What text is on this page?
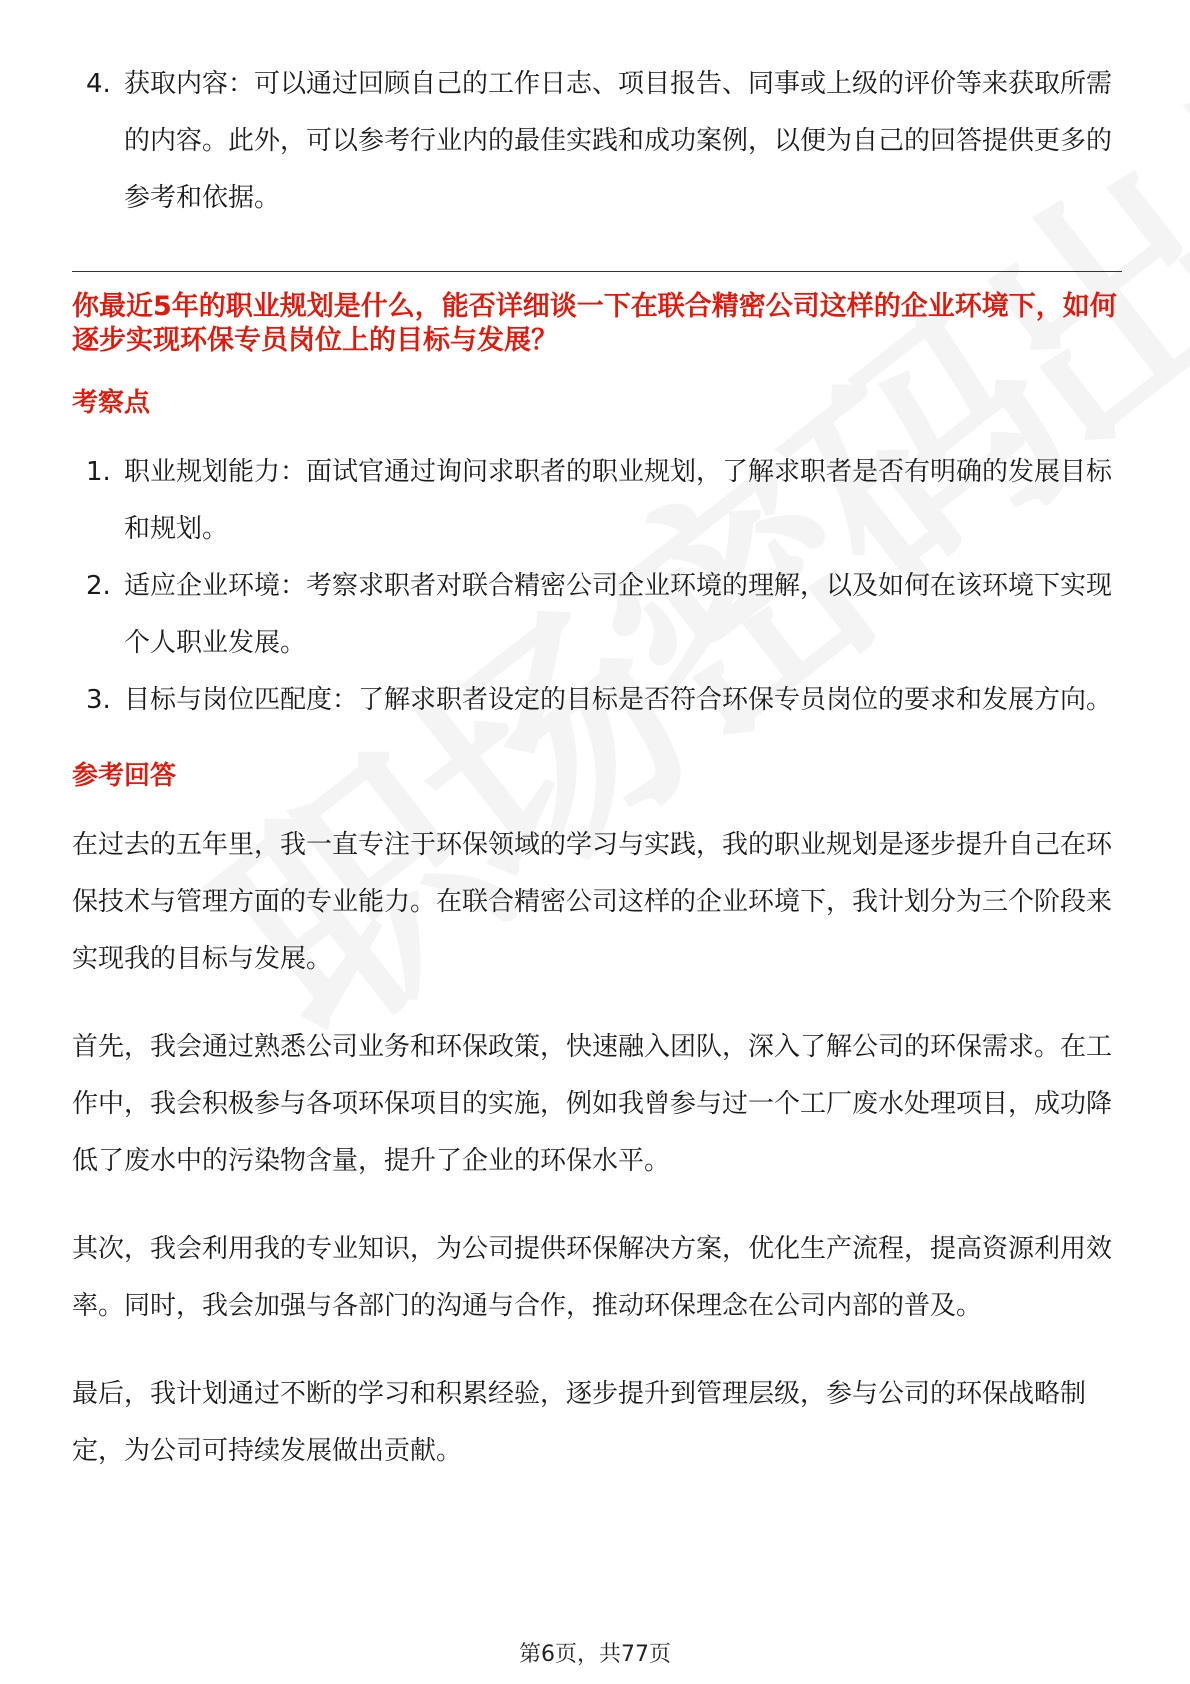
4. 获取内容：可以通过回顾自己的工作日志、项目报告、同事或上级的评价等来获取所需的内容。此外，可以参考行业内的最佳实践和成功案例，以便为自己的回答提供更多的参考和依据。

你最近5年的职业规划是什么，能否详细谈一下在联合精密公司这样的企业环境下，如何逐步实现环保专员岗位上的目标与发展？

考察点
1. 职业规划能力：面试官通过询问求职者的职业规划，了解求职者是否有明确的发展目标和规划。
2. 适应企业环境：考察求职者对联合精密公司企业环境的理解，以及如何在该环境下实现个人职业发展。
3. 目标与岗位匹配度：了解求职者设定的目标是否符合环保专员岗位的要求和发展方向。
参考回答

在过去的五年里，我一直专注于环保领域的学习与实践，我的职业规划是逐步提升自己在环保技术与管理方面的专业能力。在联合精密公司这样的企业环境下，我计划分为三个阶段来实现我的目标与发展。

首先，我会通过熟悉公司业务和环保政策，快速融入团队，深入了解公司的环保需求。在工作中，我会积极参与各项环保项目的实施，例如我曾参与过一个工厂废水处理项目，成功降低了废水中的污染物含量，提升了企业的环保水平。

其次，我会利用我的专业知识，为公司提供环保解决方案，优化生产流程，提高资源利用效率。同时，我会加强与各部门的沟通与合作，推动环保理念在公司内部的普及。

最后，我计划通过不断的学习和积累经验，逐步提升到管理层级，参与公司的环保战略制定，为公司可持续发展做出贡献。

第6页，共77页
